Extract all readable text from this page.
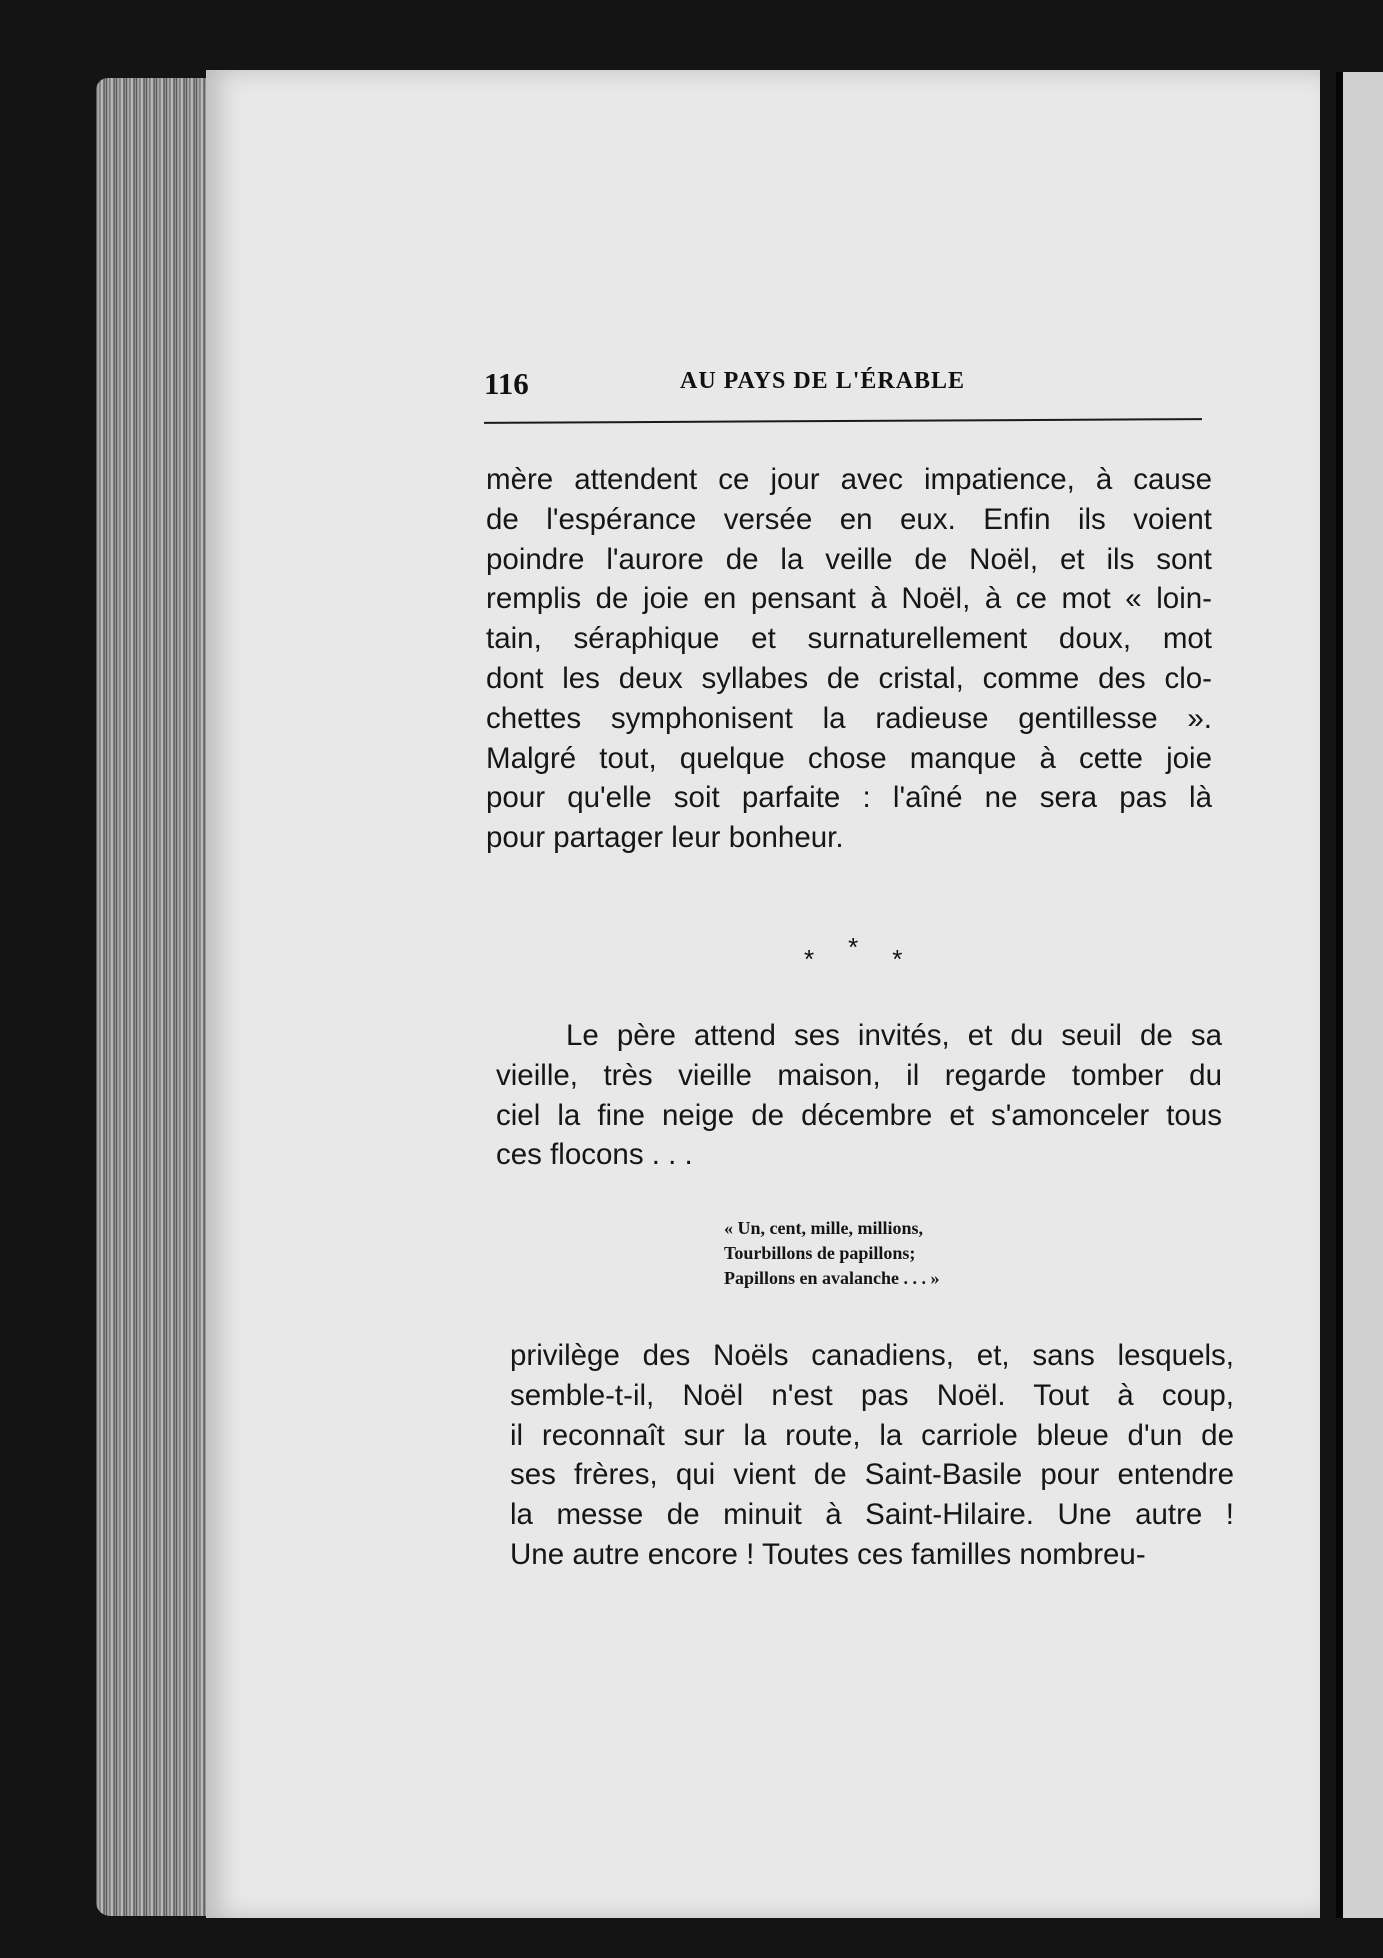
116	AU PAYS DE L'ÉRABLE
mère attendent ce jour avec impatience, à cause
de l'espérance versée en eux. Enfin ils voient
poindre l'aurore de la veille de Noël, et ils sont
remplis de joie en pensant à Noël, à ce mot « loin-
tain, séraphique et surnaturellement doux, mot
dont les deux syllabes de cristal, comme des clo-
chettes symphonisent la radieuse gentillesse ».
Malgré tout, quelque chose manque à cette joie
pour qu'elle soit parfaite : l'aîné ne sera pas là
pour partager leur bonheur.
***
Le père attend ses invités, et du seuil de sa
vieille, très vieille maison, il regarde tomber du
ciel la fine neige de décembre et s'amonceler tous
ces flocons . . .
« Un, cent, mille, millions,
Tourbillons de papillons;
Papillons en avalanche . . . »
privilège des Noëls canadiens, et, sans lesquels,
semble-t-il, Noël n'est pas Noël. Tout à coup,
il reconnaît sur la route, la carriole bleue d'un de
ses frères, qui vient de Saint-Basile pour entendre
la messe de minuit à Saint-Hilaire. Une autre !
Une autre encore ! Toutes ces familles nombreu-
